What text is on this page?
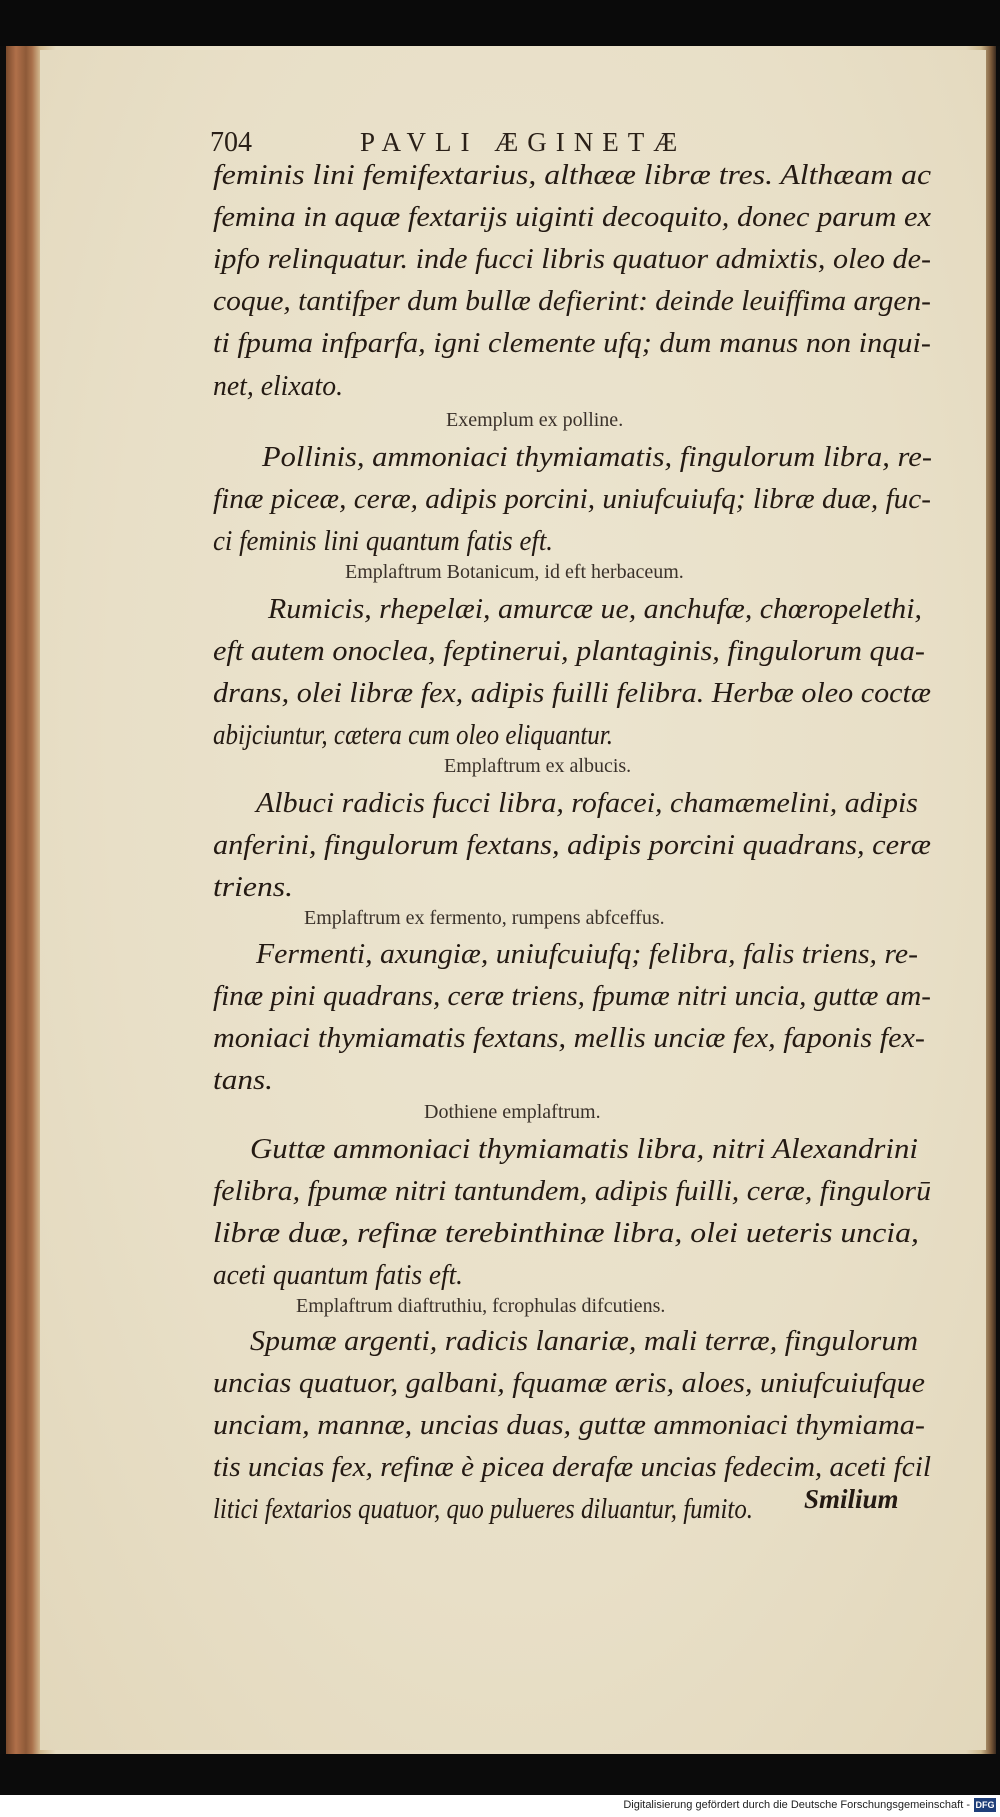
704	PAVLI ÆGINETÆ
feminis lini femifextarius, althææ libræ tres. Althæam ac
femina in aquæ fextarijs uiginti decoquito, donec parum ex
ipfo relinquatur. inde fucci libris quatuor admixtis, oleo de-
coque, tantifper dum bullæ defierint: deinde leuiffima argen-
ti fpuma infparfa, igni clemente ufq; dum manus non inqui-
net, elixato.
Exemplum ex polline.
Pollinis, ammoniaci thymiamatis, fingulorum libra, re-
finæ piceæ, ceræ, adipis porcini, uniufcuiufq; libræ duæ, fuc-
ci feminis lini quantum fatis eft.
Emplaftrum Botanicum, id eft herbaceum.
Rumicis, rhepelæi, amurcæ ue, anchufæ, chœropelethi,
eft autem onoclea, feptinerui, plantaginis, fingulorum qua-
drans, olei libræ fex, adipis fuilli felibra. Herbæ oleo coctæ
abijciuntur, cætera cum oleo eliquantur.
Emplaftrum ex albucis.
Albuci radicis fucci libra, rofacei, chamæmelini, adipis
anferini, fingulorum fextans, adipis porcini quadrans, ceræ
triens.
Emplaftrum ex fermento, rumpens abfceffus.
Fermenti, axungiæ, uniufcuiufq; felibra, falis triens, re-
finæ pini quadrans, ceræ triens, fpumæ nitri uncia, guttæ am-
moniaci thymiamatis fextans, mellis unciæ fex, faponis fex-
tans.
Dothiene emplaftrum.
Guttæ ammoniaci thymiamatis libra, nitri Alexandrini
felibra, fpumæ nitri tantundem, adipis fuilli, ceræ, fingulorū
libræ duæ, refinæ terebinthinæ libra, olei ueteris uncia,
aceti quantum fatis eft.
Emplaftrum diaftruthiu, fcrophulas difcutiens.
Spumæ argenti, radicis lanariæ, mali terræ, fingulorum
uncias quatuor, galbani, fquamæ æris, aloes, uniufcuiufque
unciam, mannæ, uncias duas, guttæ ammoniaci thymiama-
tis uncias fex, refinæ è picea derafæ uncias fedecim, aceti fcil
litici fextarios quatuor, quo pulueres diluantur, fumito. Smilium
Digitalisierung gefördert durch die Deutsche Forschungsgemeinschaft - DFG
